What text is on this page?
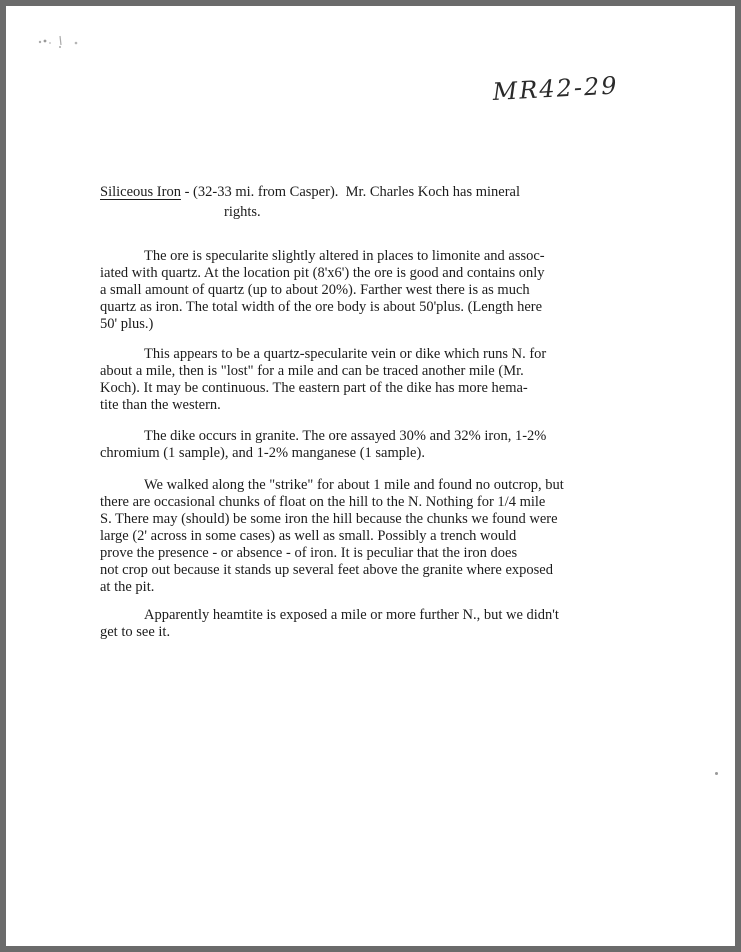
MR42-29
Siliceous Iron - (32-33 mi. from Casper).  Mr. Charles Koch has mineral
rights.

The ore is specularite slightly altered in places to limonite and assoc-
iated with quartz. At the location pit (8'x6') the ore is good and contains only
a small amount of quartz (up to about 20%). Farther west there is as much
quartz as iron. The total width of the ore body is about 50'plus. (Length here
50' plus.)

This appears to be a quartz-specularite vein or dike which runs N. for
about a mile, then is "lost" for a mile and can be traced another mile (Mr.
Koch). It may be continuous. The eastern part of the dike has more hema-
tite than the western.

The dike occurs in granite. The ore assayed 30% and 32% iron, 1-2%
chromium (1 sample), and 1-2% manganese (1 sample).

We walked along the "strike" for about 1 mile and found no outcrop, but
there are occasional chunks of float on the hill to the N. Nothing for 1/4 mile
S. There may (should) be some iron the hill because the chunks we found were
large (2' across in some cases) as well as small. Possibly a trench would
prove the presence - or absence - of iron. It is peculiar that the iron does
not crop out because it stands up several feet above the granite where exposed
at the pit.

Apparently heamtite is exposed a mile or more further N., but we didn't
get to see it.
